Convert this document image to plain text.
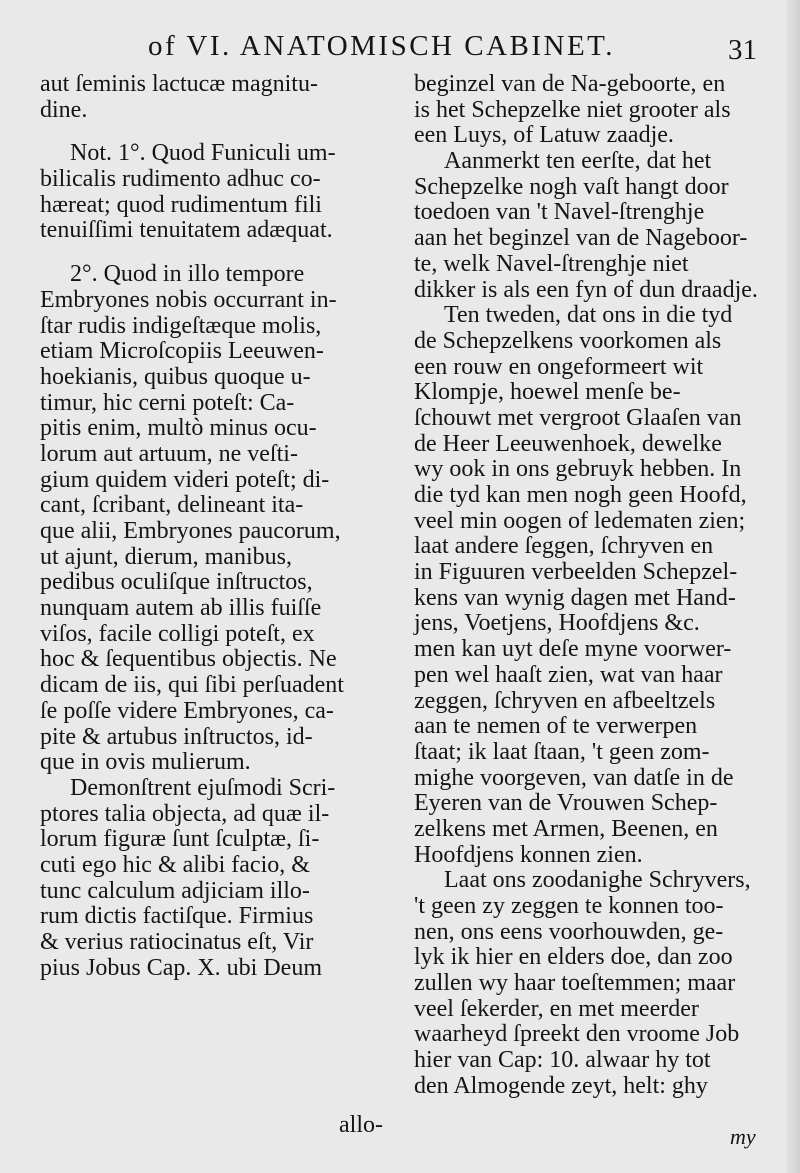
of VI. ANATOMISCH CABINET.	31
aut ſeminis lactucæ magnitu-
dine.
Not. 1°. Quod Funiculi um-
bilicalis rudimento adhuc co-
hæreat; quod rudimentum fili
tenuiſſimi tenuitatem adæquat.
2°. Quod in illo tempore
Embryones nobis occurrant in-
ſtar rudis indigeſtæque molis,
etiam Microſcopiis Leeuwen-
hoekianis, quibus quoque u-
timur, hic cerni poteſt: Ca-
pitis enim, multò minus ocu-
lorum aut artuum, ne veſti-
gium quidem videri poteſt; di-
cant, ſcribant, delineant ita-
que alii, Embryones paucorum,
ut ajunt, dierum, manibus,
pedibus oculiſque inſtructos,
nunquam autem ab illis fuiſſe
viſos, facile colligi poteſt, ex
hoc & ſequentibus objectis. Ne
dicam de iis, qui ſibi perſuadent
ſe poſſe videre Embryones, ca-
pite & artubus inſtructos, id-
que in ovis mulierum.
Demonſtrent ejuſmodi Scri-
ptores talia objecta, ad quæ il-
lorum figuræ ſunt ſculptæ, ſi-
cuti ego hic & alibi facio, &
tunc calculum adjiciam illo-
rum dictis factiſque. Firmius
& verius ratiocinatus eſt, Vir
pius Jobus Cap. X. ubi Deum
beginzel van de Na-geboorte, en
is het Schepzelke niet grooter als
een Luys, of Latuw zaadje.
Aanmerkt ten eerſte, dat het
Schepzelke nogh vaſt hangt door
toedoen van 't Navel-ſtrenghje
aan het beginzel van de Nageboor-
te, welk Navel-ſtrenghje niet
dikker is als een fyn of dun draadje.
Ten tweden, dat ons in die tyd
de Schepzelkens voorkomen als
een rouw en ongeformeert wit
Klompje, hoewel menſe be-
ſchouwt met vergroot Glaaſen van
de Heer Leeuwenhoek, dewelke
wy ook in ons gebruyk hebben. In
die tyd kan men nogh geen Hoofd,
veel min oogen of ledematen zien;
laat andere ſeggen, ſchryven en
in Figuuren verbeelden Schepzel-
kens van wynig dagen met Hand-
jens, Voetjens, Hoofdjens &c.
men kan uyt deſe myne voorwer-
pen wel haaſt zien, wat van haar
zeggen, ſchryven en afbeeltzels
aan te nemen of te verwerpen
ſtaat; ik laat ſtaan, 't geen zom-
mighe voorgeven, van datſe in de
Eyeren van de Vrouwen Schep-
zelkens met Armen, Beenen, en
Hoofdjens konnen zien.
Laat ons zoodanighe Schryvers,
't geen zy zeggen te konnen too-
nen, ons eens voorhouwden, ge-
lyk ik hier en elders doe, dan zoo
zullen wy haar toeſtemmen; maar
veel ſekerder, en met meerder
waarheyd ſpreekt den vroome Job
hier van Cap: 10. alwaar hy tot
den Almogende zeyt, helt: ghy
allo-	my
